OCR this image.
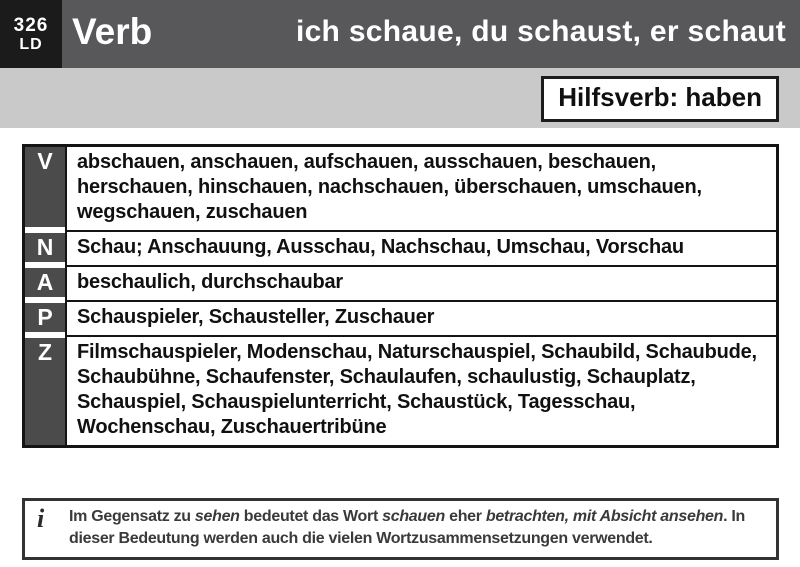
326
LD Verb	ich schaue, du schaust, er schaut
Hilfsverb: haben
V	abschauen, anschauen, aufschauen, ausschauen, beschauen, herschauen, hinschauen, nachschauen, überschauen, umschauen, wegschauen, zuschauen
N	Schau; Anschauung, Ausschau, Nachschau, Umschau, Vorschau
A	beschaulich, durchschaubar
P	Schauspieler, Schausteller, Zuschauer
Z	Filmschauspieler, Modenschau, Naturschauspiel, Schaubild, Schaubude, Schaubühne, Schaufenster, Schaulaufen, schaulustig, Schauplatz, Schauspiel, Schauspielunterricht, Schaustück, Tagesschau, Wochenschau, Zuschauertribüne
i	Im Gegensatz zu sehen bedeutet das Wort schauen eher betrachten, mit Absicht ansehen. In dieser Bedeutung werden auch die vielen Wortzusammensetzungen verwendet.
